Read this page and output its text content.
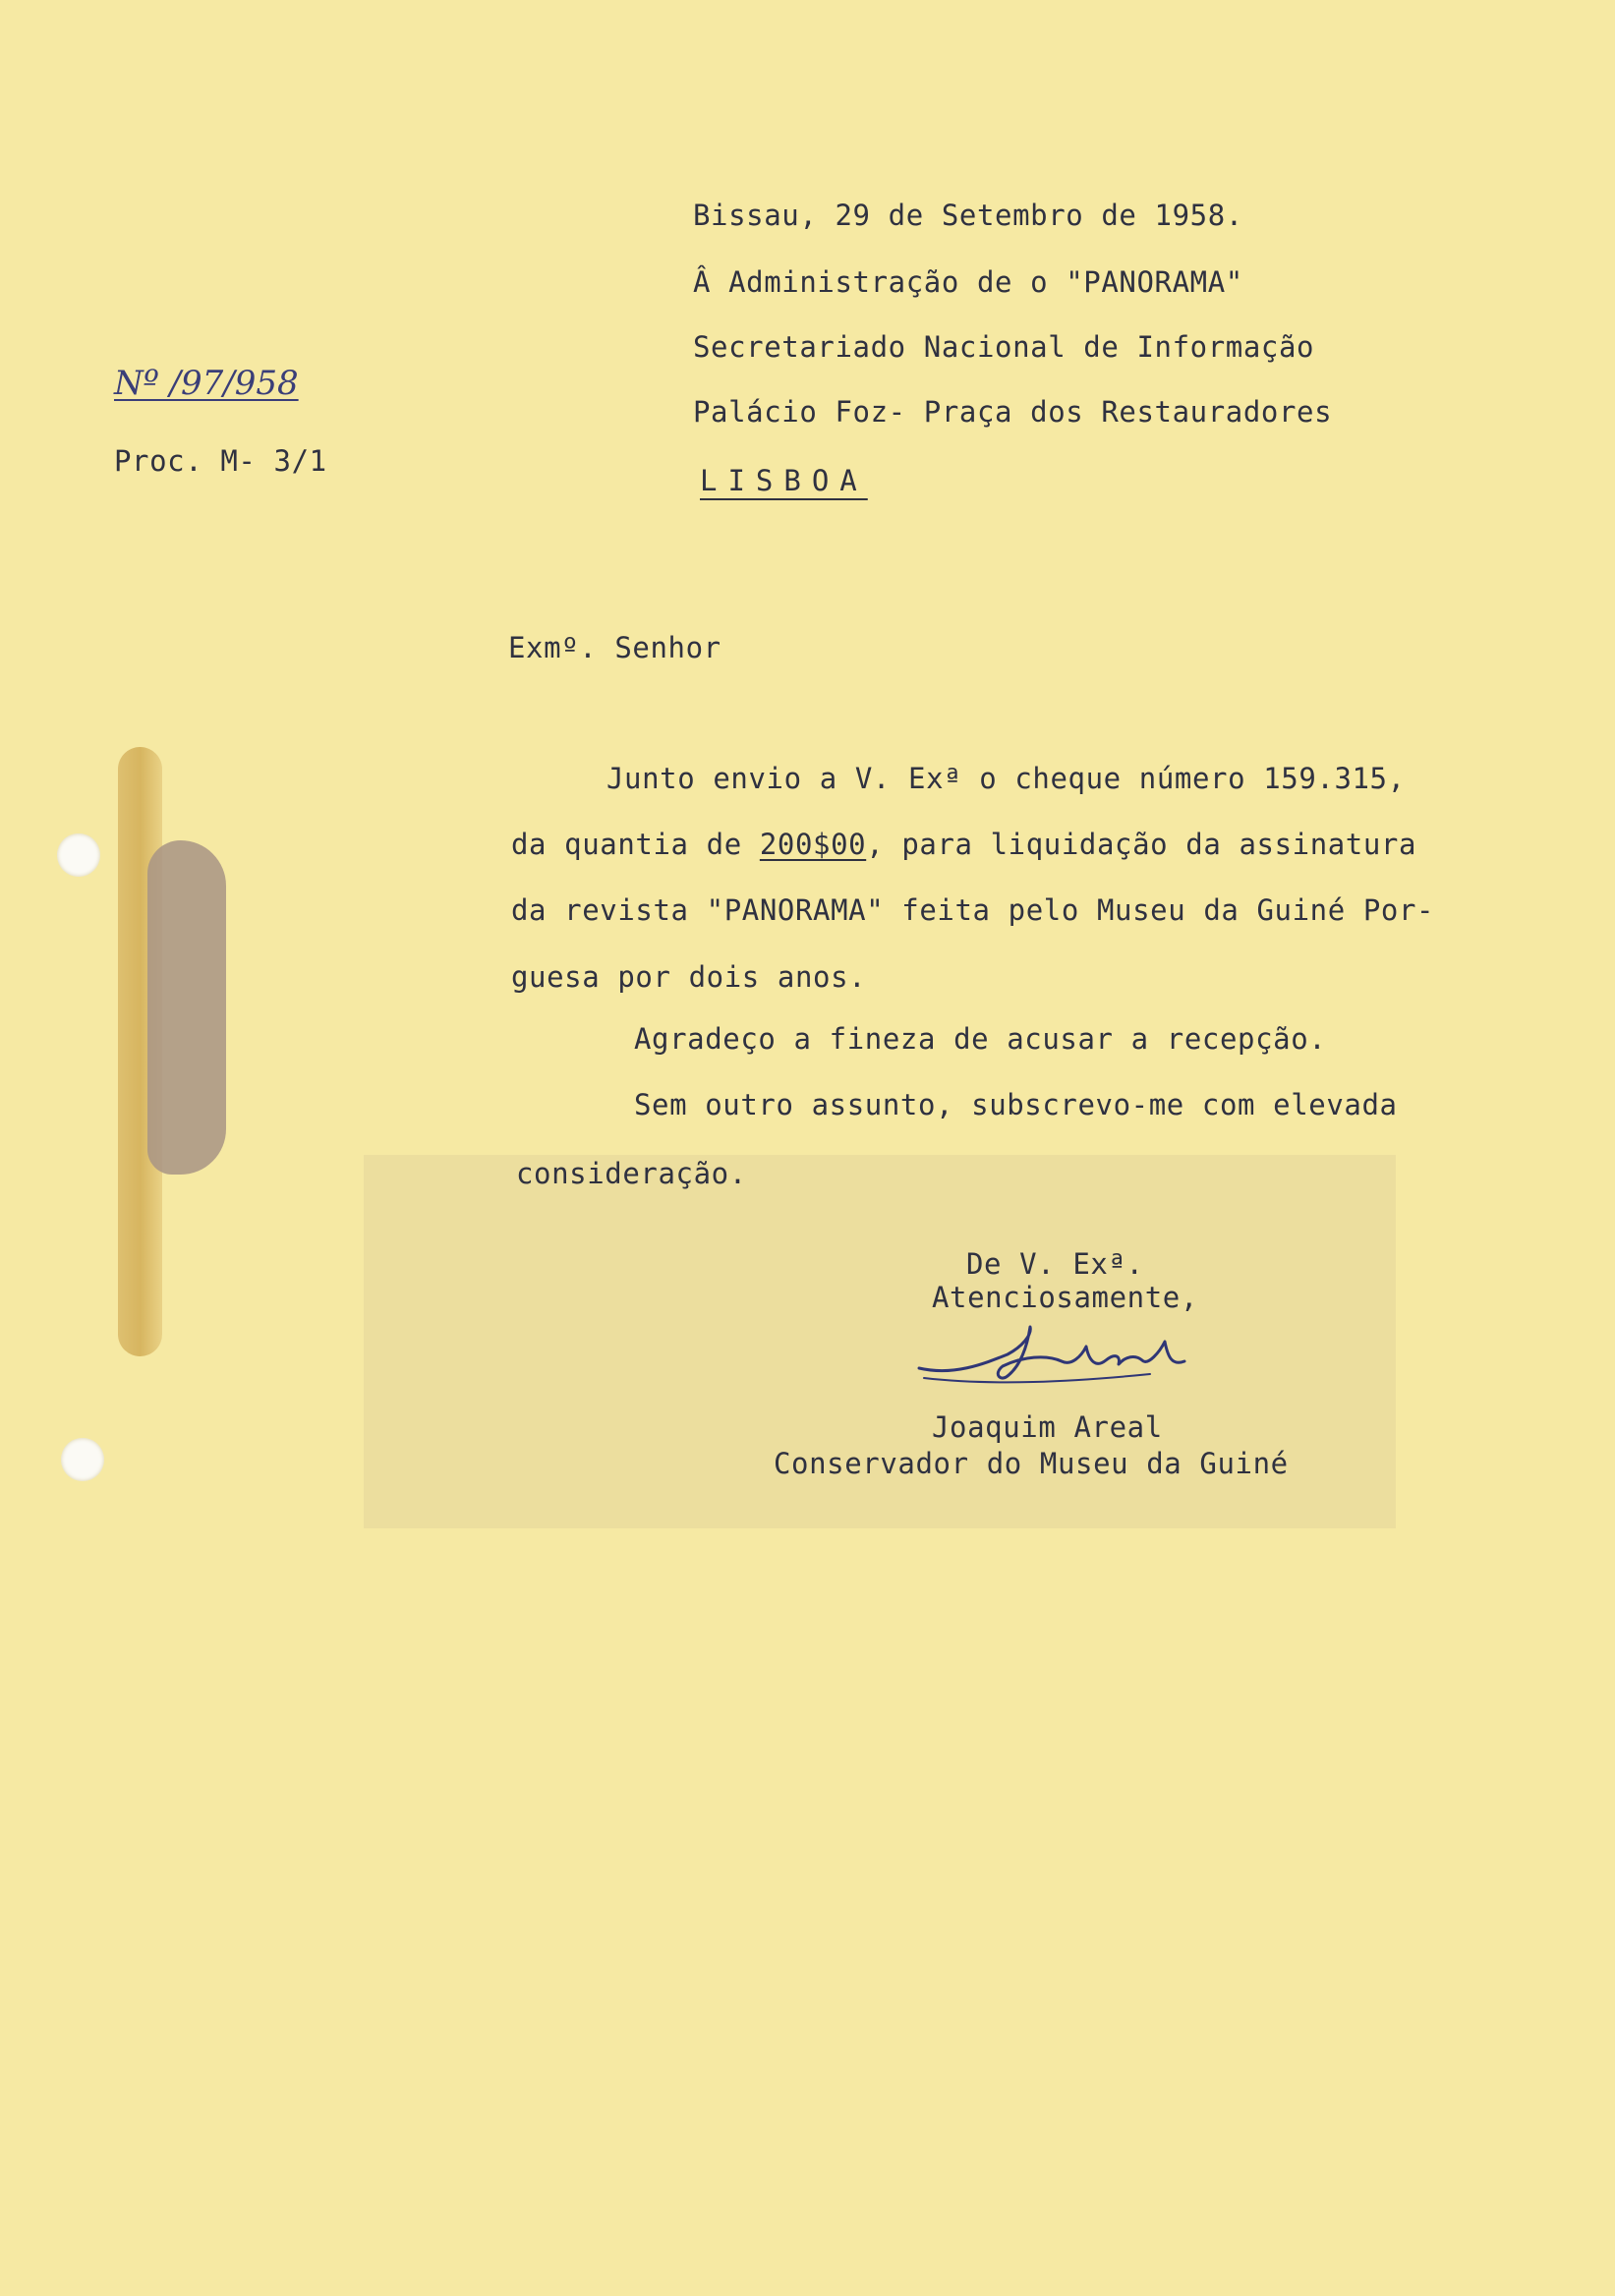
Bissau, 29 de Setembro de 1958.
Â Administração de o "PANORAMA"
Secretariado Nacional de Informação
Palácio Foz- Praça dos Restauradores
LISBOA
Nº /97/958
Proc. M- 3/1
Exmº. Senhor
Junto envio a V. Exª o cheque número 159.315,
da quantia de 200$00, para liquidação da assinatura
da revista "PANORAMA" feita pelo Museu da Guiné Por-
guesa por dois anos.
Agradeço a fineza de acusar a recepção.
Sem outro assunto, subscrevo-me com elevada
consideração.
De V. Exª.
Atenciosamente,
Joaquim Areal
Conservador do Museu da Guiné
